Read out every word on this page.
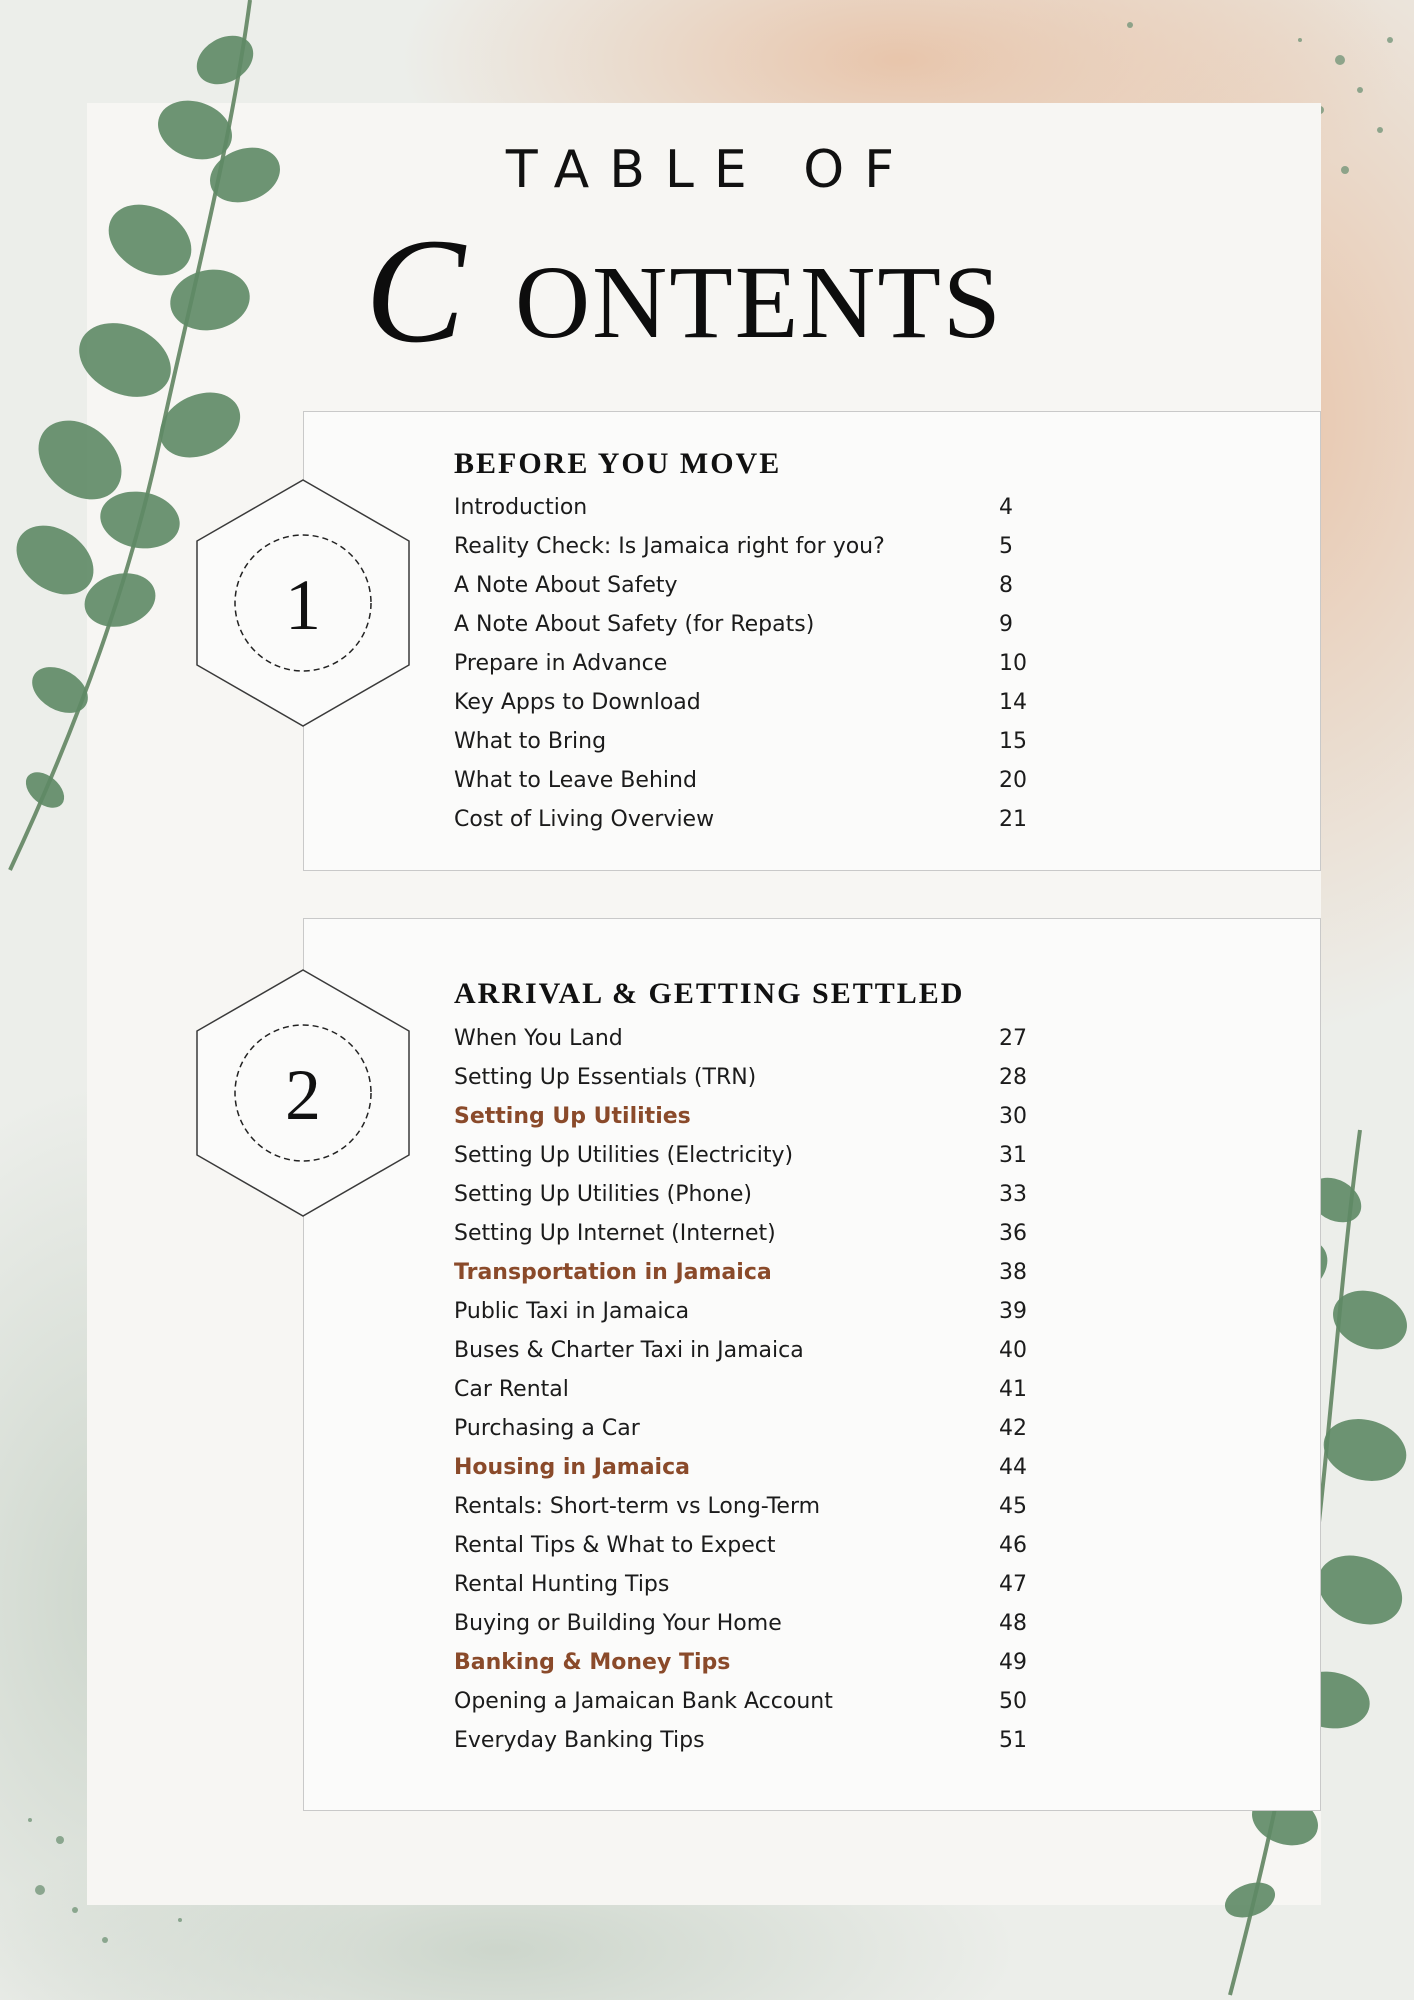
TABLE OF
C ONTENTS
BEFORE YOU MOVE
Introduction	4
Reality Check: Is Jamaica right for you?	5
A Note About Safety	8
A Note About Safety (for Repats)	9
Prepare in Advance	10
Key Apps to Download	14
What to Bring	15
What to Leave Behind	20
Cost of Living Overview	21
ARRIVAL & GETTING SETTLED
When You Land	27
Setting Up Essentials (TRN)	28
Setting Up Utilities	30
Setting Up Utilities (Electricity)	31
Setting Up Utilities (Phone)	33
Setting Up Internet (Internet)	36
Transportation in Jamaica	38
Public Taxi in Jamaica	39
Buses & Charter Taxi in Jamaica	40
Car Rental	41
Purchasing a Car	42
Housing in Jamaica	44
Rentals: Short-term vs Long-Term	45
Rental Tips & What to Expect	46
Rental Hunting Tips	47
Buying or Building Your Home	48
Banking & Money Tips	49
Opening a Jamaican Bank Account	50
Everyday Banking Tips	51
1
2
